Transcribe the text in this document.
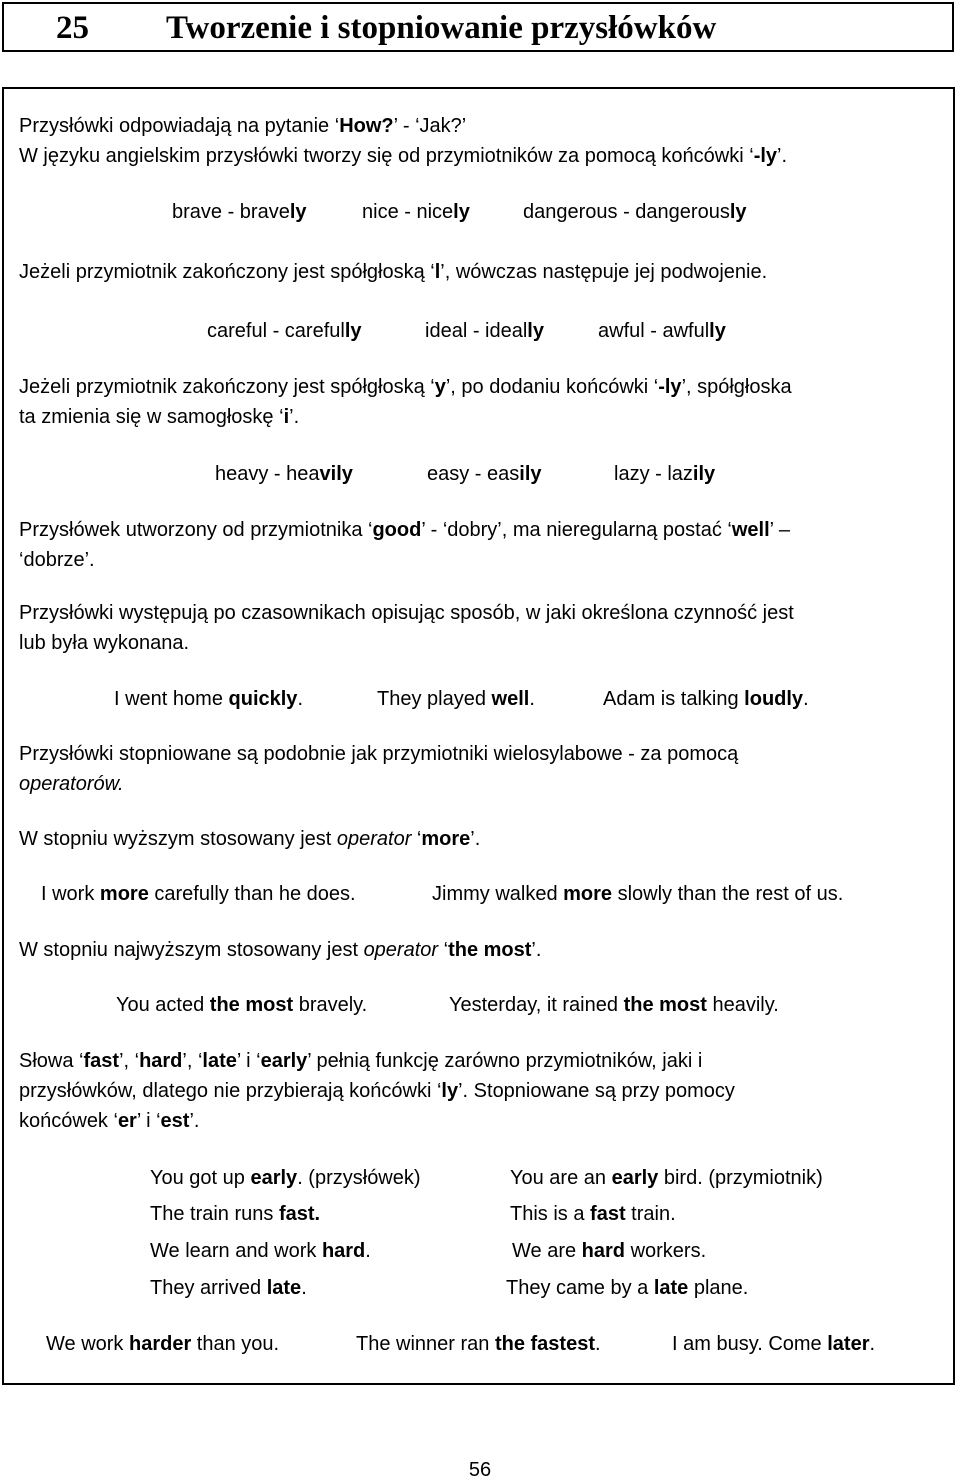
25 Tworzenie i stopniowanie przysłówków
Przysłówki odpowiadają na pytanie ‘How?’ - ‘Jak?’
W języku angielskim przysłówki tworzy się od przymiotników za pomocą końcówki ‘-ly’.
brave - bravely	nice - nicely	dangerous - dangerously
Jeżeli przymiotnik zakończony jest spółgłoską ‘l’, wówczas następuje jej podwojenie.
careful - carefully	ideal - ideally	awful - awfully
Jeżeli przymiotnik zakończony jest spółgłoską ‘y’, po dodaniu końcówki ‘-ly’, spółgłoska
ta zmienia się w samogłoskę ‘i’.
heavy - heavily	easy - easily	lazy - lazily
Przysłówek utworzony od przymiotnika ‘good’ - ‘dobry’, ma nieregularną postać ‘well’ –
‘dobrze’.
Przysłówki występują po czasownikach opisując sposób, w jaki określona czynność jest
lub była wykonana.
I went home quickly.	They played well.	Adam is talking loudly.
Przysłówki stopniowane są podobnie jak przymiotniki wielosylabowe - za pomocą
operatorów.
W stopniu wyższym stosowany jest operator ‘more’.
I work more carefully than he does.	Jimmy walked more slowly than the rest of us.
W stopniu najwyższym stosowany jest operator ‘the most’.
You acted the most bravely.	Yesterday, it rained the most heavily.
Słowa ‘fast’, ‘hard’, ‘late’ i ‘early’ pełnią funkcję zarówno przymiotników, jaki i
przysłówków, dlatego nie przybierają końcówki ‘ly’. Stopniowane są przy pomocy
końcówek ‘er’ i ‘est’.
You got up early. (przysłówek)	You are an early bird. (przymiotnik)
The train runs fast.	This is a fast train.
We learn and work hard.	We are hard workers.
They arrived late.	They came by a late plane.
We work harder than you.	The winner ran the fastest.	I am busy. Come later.
56
